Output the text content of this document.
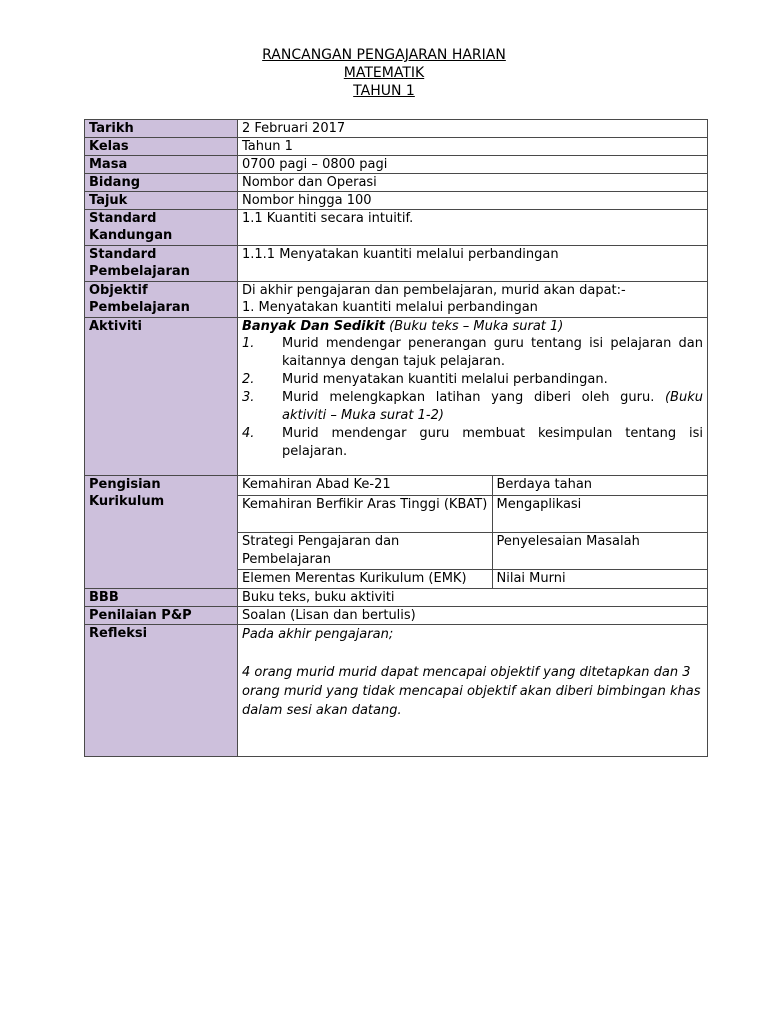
RANCANGAN PENGAJARAN HARIAN
MATEMATIK
TAHUN 1
Tarikh	2 Februari 2017
Kelas	Tahun 1
Masa	0700 pagi – 0800 pagi
Bidang	Nombor dan Operasi
Tajuk	Nombor hingga 100
Standard Kandungan	1.1 Kuantiti secara intuitif.
Standard Pembelajaran	1.1.1 Menyatakan kuantiti melalui perbandingan
Objektif Pembelajaran	
Di akhir pengajaran dan pembelajaran, murid akan dapat:-
1. Menyatakan kuantiti melalui perbandingan

Aktiviti	Banyak Dan Sedikit (Buku teks – Muka surat 1)
1. Murid mendengar penerangan guru tentang isi pelajaran dan kaitannya dengan tajuk pelajaran.
2. Murid menyatakan kuantiti melalui perbandingan.
3. Murid melengkapkan latihan yang diberi oleh guru. (Buku aktiviti – Muka surat 1-2)
4. Murid mendengar guru membuat kesimpulan tentang isi pelajaran.

Pengisian Kurikulum	
Kemahiran Abad Ke-21	Berdaya tahan
Kemahiran Berfikir Aras Tinggi (KBAT)	Mengaplikasi
Strategi Pengajaran dan Pembelajaran	Penyelesaian Masalah
Elemen Merentas Kurikulum (EMK)	Nilai Murni

BBB	Buku teks, buku aktiviti
Penilaian P&P	Soalan (Lisan dan bertulis)
Refleksi	Pada akhir pengajaran;
4 orang murid murid dapat mencapai objektif yang ditetapkan dan 3 orang murid yang tidak mencapai objektif akan diberi bimbingan khas dalam sesi akan datang.
